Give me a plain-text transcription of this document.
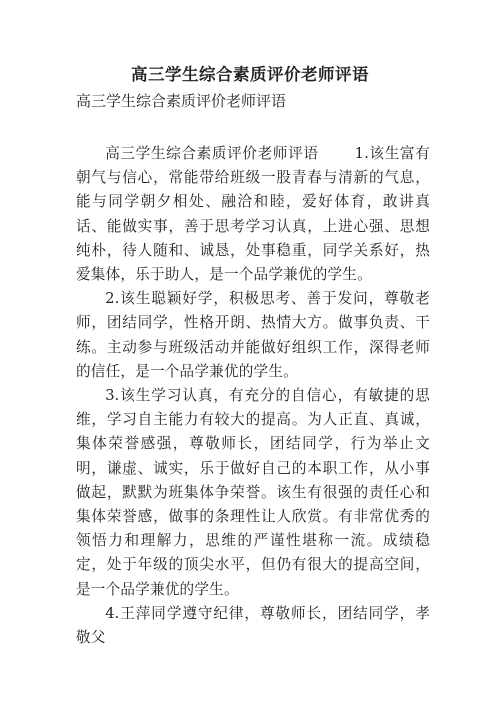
高三学生综合素质评价老师评语
高三学生综合素质评价老师评语

高三学生综合素质评价老师评语 1.该生富有朝气与信心，常能带给班级一股青春与清新的气息，能与同学朝夕相处、融洽和睦，爱好体育，敢讲真话、能做实事，善于思考学习认真，上进心强、思想纯朴，待人随和、诚恳，处事稳重，同学关系好，热爱集体，乐于助人，是一个品学兼优的学生。

2.该生聪颖好学，积极思考、善于发问，尊敬老师，团结同学，性格开朗、热情大方。做事负责、干练。主动参与班级活动并能做好组织工作，深得老师的信任，是一个品学兼优的学生。

3.该生学习认真，有充分的自信心，有敏捷的思维，学习自主能力有较大的提高。为人正直、真诚，集体荣誉感强，尊敬师长，团结同学，行为举止文明，谦虚、诚实，乐于做好自己的本职工作，从小事做起，默默为班集体争荣誉。该生有很强的责任心和集体荣誉感，做事的条理性让人欣赏。有非常优秀的领悟力和理解力，思维的严谨性堪称一流。成绩稳定，处于年级的顶尖水平，但仍有很大的提高空间，是一个品学兼优的学生。

4.王萍同学遵守纪律，尊敬师长，团结同学，孝敬父
